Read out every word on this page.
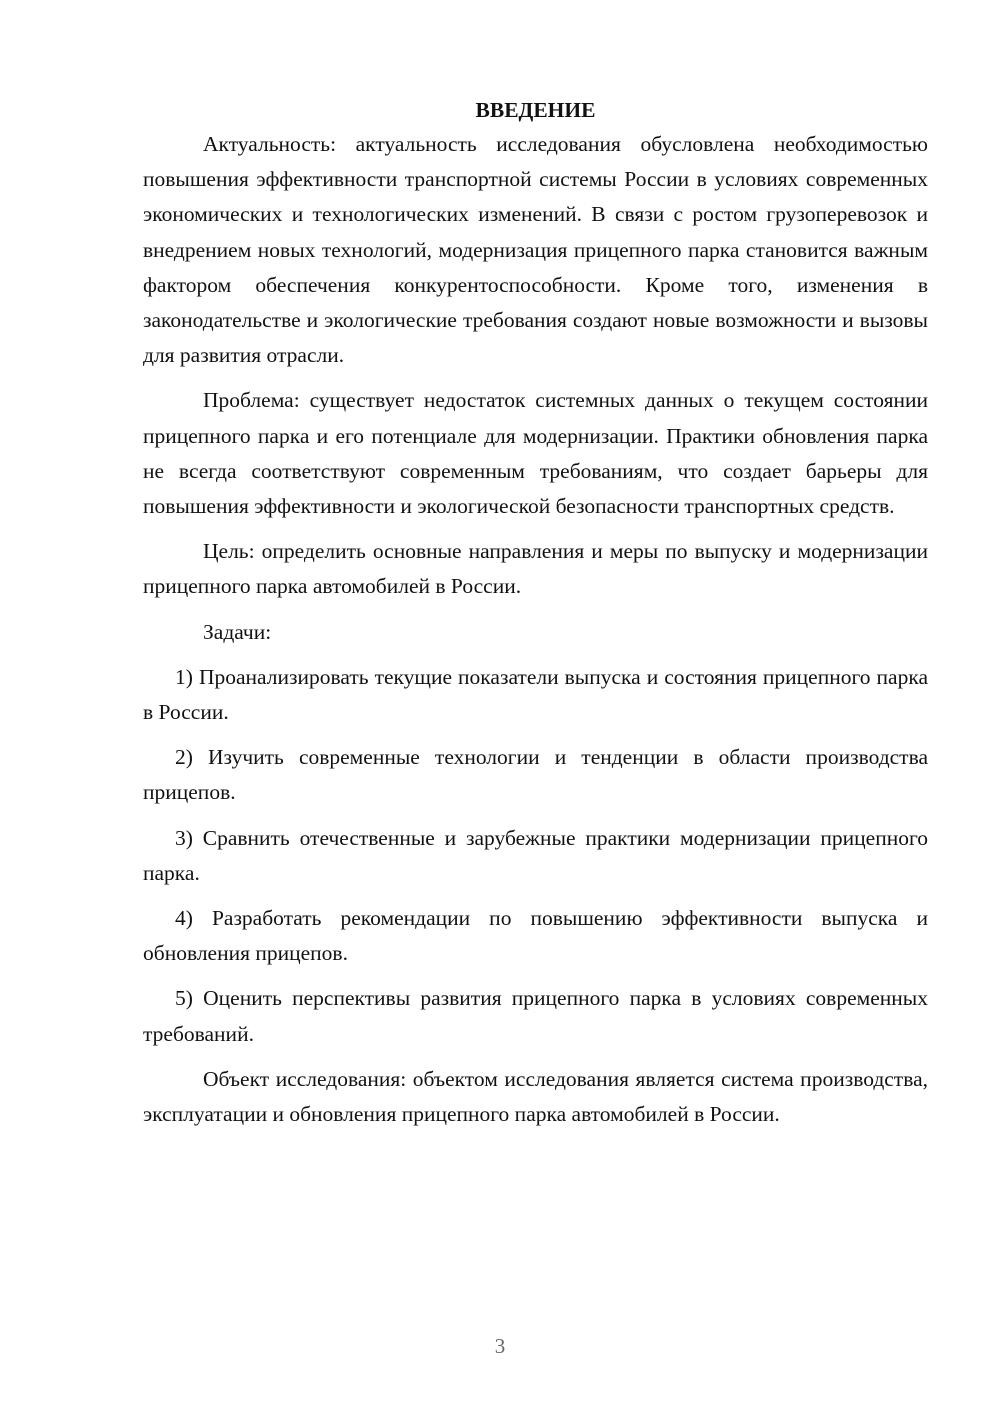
ВВЕДЕНИЕ

Актуальность: актуальность исследования обусловлена необходимостью повышения эффективности транспортной системы России в условиях современных экономических и технологических изменений. В связи с ростом грузоперевозок и внедрением новых технологий, модернизация прицепного парка становится важным фактором обеспечения конкурентоспособности. Кроме того, изменения в законодательстве и экологические требования создают новые возможности и вызовы для развития отрасли.

Проблема: существует недостаток системных данных о текущем состоянии прицепного парка и его потенциале для модернизации. Практики обновления парка не всегда соответствуют современным требованиям, что создает барьеры для повышения эффективности и экологической безопасности транспортных средств.

Цель: определить основные направления и меры по выпуску и модернизации прицепного парка автомобилей в России.

Задачи:

1) Проанализировать текущие показатели выпуска и состояния прицепного парка в России.

2) Изучить современные технологии и тенденции в области производства прицепов.

3) Сравнить отечественные и зарубежные практики модернизации прицепного парка.

4) Разработать рекомендации по повышению эффективности выпуска и обновления прицепов.

5) Оценить перспективы развития прицепного парка в условиях современных требований.

Объект исследования: объектом исследования является система производства, эксплуатации и обновления прицепного парка автомобилей в России.

3
